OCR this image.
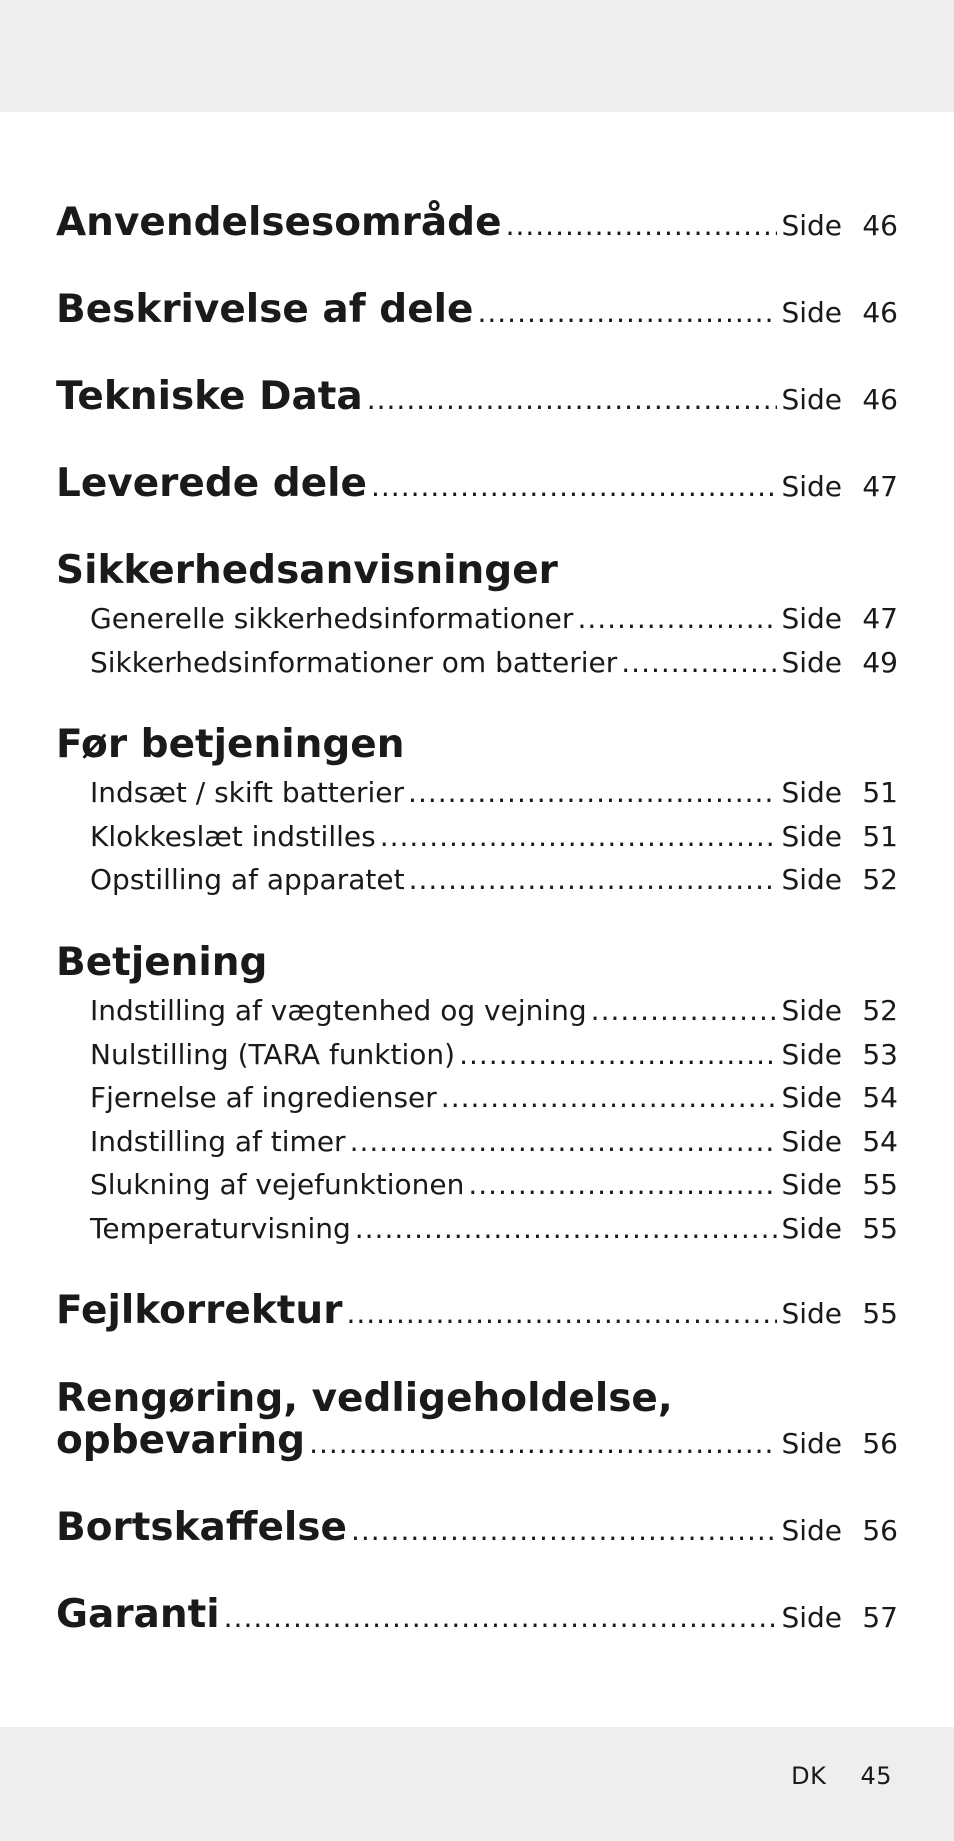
Anvendelsesområde .....	Side 46
Beskrivelse af dele .....	Side 46
Tekniske Data .....	Side 46
Leverede dele .....	Side 47
Sikkerhedsanvisninger
Generelle sikkerhedsinformationer .....	Side 47
Sikkerhedsinformationer om batterier .....	Side 49
Før betjeningen
Indsæt / skift batterier .....	Side 51
Klokkeslæt indstilles .....	Side 51
Opstilling af apparatet .....	Side 52
Betjening
Indstilling af vægtenhed og vejning .....	Side 52
Nulstilling (TARA funktion) .....	Side 53
Fjernelse af ingredienser .....	Side 54
Indstilling af timer .....	Side 54
Slukning af vejefunktionen .....	Side 55
Temperaturvisning .....	Side 55
Fejlkorrektur .....	Side 55
Rengøring, vedligeholdelse,
opbevaring .....	Side 56
Bortskaffelse .....	Side 56
Garanti .....	Side 57
DK 45
